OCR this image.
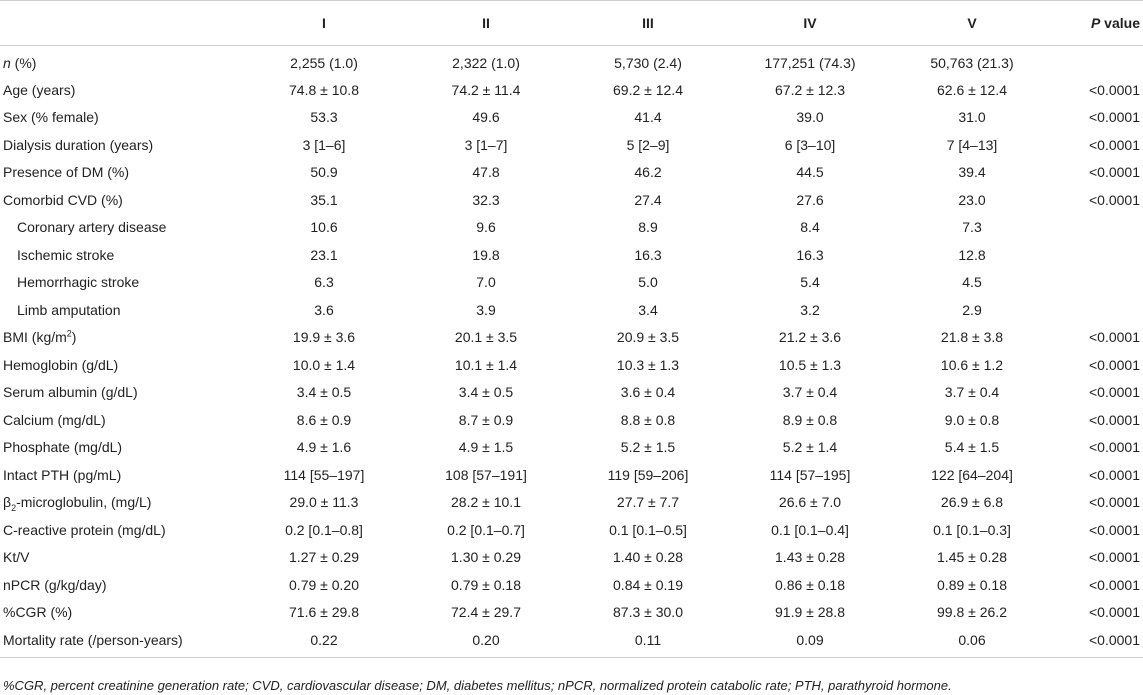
	I	II	III	IV	V	P value
n (%)	2,255 (1.0)	2,322 (1.0)	5,730 (2.4)	177,251 (74.3)	50,763 (21.3)	
Age (years)	74.8 ± 10.8	74.2 ± 11.4	69.2 ± 12.4	67.2 ± 12.3	62.6 ± 12.4	<0.0001
Sex (% female)	53.3	49.6	41.4	39.0	31.0	<0.0001
Dialysis duration (years)	3 [1–6]	3 [1–7]	5 [2–9]	6 [3–10]	7 [4–13]	<0.0001
Presence of DM (%)	50.9	47.8	46.2	44.5	39.4	<0.0001
Comorbid CVD (%)	35.1	32.3	27.4	27.6	23.0	<0.0001
Coronary artery disease	10.6	9.6	8.9	8.4	7.3	
Ischemic stroke	23.1	19.8	16.3	16.3	12.8	
Hemorrhagic stroke	6.3	7.0	5.0	5.4	4.5	
Limb amputation	3.6	3.9	3.4	3.2	2.9	
BMI $(kg/m^2)$	19.9 ± 3.6	20.1 ± 3.5	20.9 ± 3.5	21.2 ± 3.6	21.8 ± 3.8	<0.0001
Hemoglobin (g/dL)	10.0 ± 1.4	10.1 ± 1.4	10.3 ± 1.3	10.5 ± 1.3	10.6 ± 1.2	<0.0001
Serum albumin (g/dL)	3.4 ± 0.5	3.4 ± 0.5	3.6 ± 0.4	3.7 ± 0.4	3.7 ± 0.4	<0.0001
Calcium (mg/dL)	8.6 ± 0.9	8.7 ± 0.9	8.8 ± 0.8	8.9 ± 0.8	9.0 ± 0.8	<0.0001
Phosphate (mg/dL)	4.9 ± 1.6	4.9 ± 1.5	5.2 ± 1.5	5.2 ± 1.4	5.4 ± 1.5	<0.0001
Intact PTH (pg/mL)	114 [55–197]	108 [57–191]	119 [59–206]	114 [57–195]	122 [64–204]	<0.0001
$\beta_2$-microglobulin, (mg/L)	29.0 ± 11.3	28.2 ± 10.1	27.7 ± 7.7	26.6 ± 7.0	26.9 ± 6.8	<0.0001
C-reactive protein (mg/dL)	0.2 [0.1–0.8]	0.2 [0.1–0.7]	0.1 [0.1–0.5]	0.1 [0.1–0.4]	0.1 [0.1–0.3]	<0.0001
Kt/V	1.27 ± 0.29	1.30 ± 0.29	1.40 ± 0.28	1.43 ± 0.28	1.45 ± 0.28	<0.0001
nPCR (g/kg/day)	0.79 ± 0.20	0.79 ± 0.18	0.84 ± 0.19	0.86 ± 0.18	0.89 ± 0.18	<0.0001
%CGR (%)	71.6 ± 29.8	72.4 ± 29.7	87.3 ± 30.0	91.9 ± 28.8	99.8 ± 26.2	<0.0001
Mortality rate (/person-years)	0.22	0.20	0.11	0.09	0.06	<0.0001
%CGR, percent creatinine generation rate; CVD, cardiovascular disease; DM, diabetes mellitus; nPCR, normalized protein catabolic rate; PTH, parathyroid hormone.
